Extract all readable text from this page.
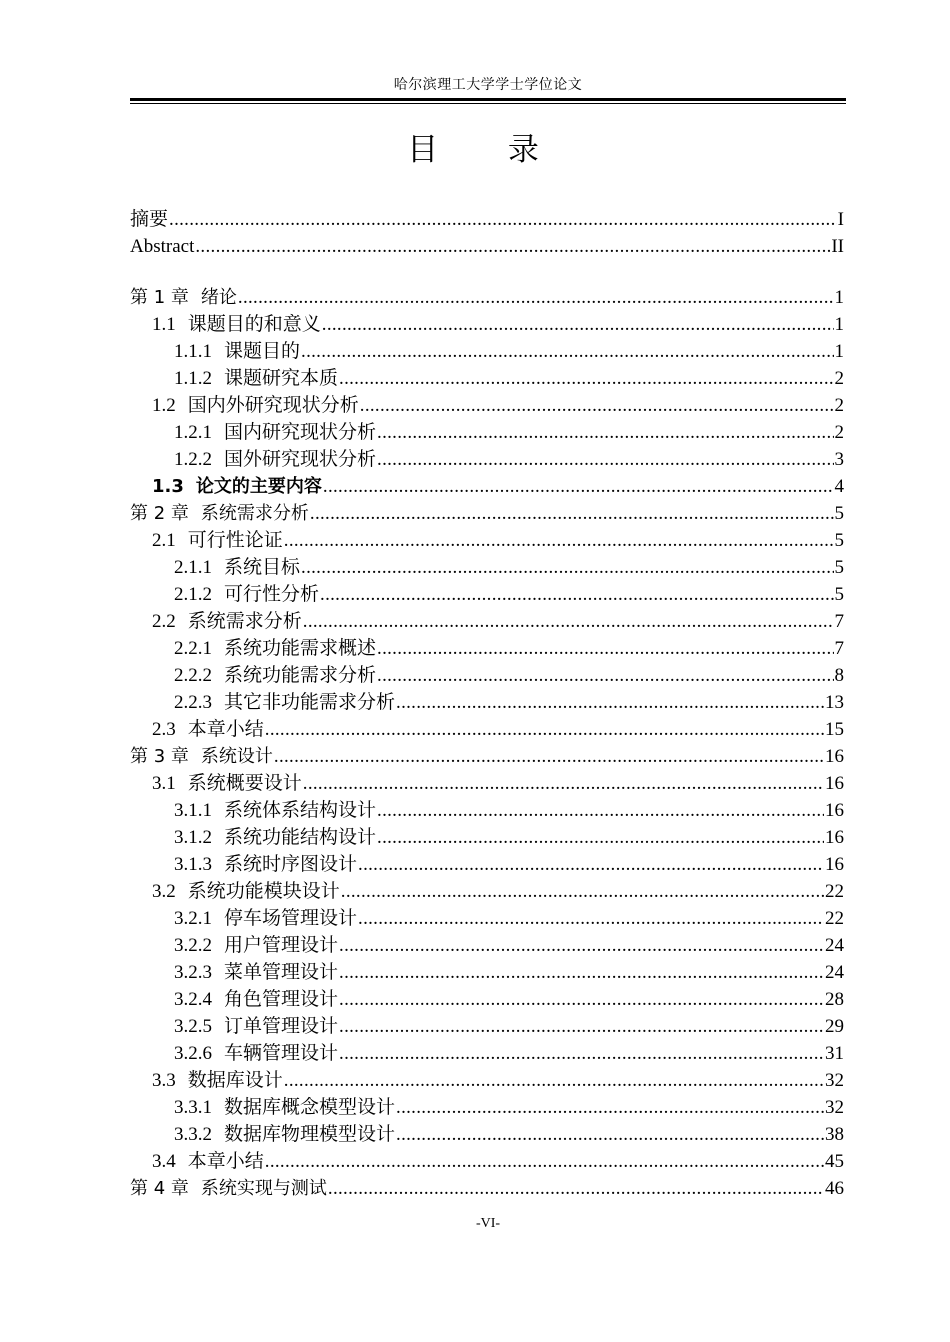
哈尔滨理工大学学士学位论文
目 录
摘要 .....	I
Abstract .....	II
第 1 章 绪论 .....	1
1.1 课题目的和意义 .....	1
1.1.1 课题目的 .....	1
1.1.2 课题研究本质 .....	2
1.2 国内外研究现状分析 .....	2
1.2.1 国内研究现状分析 .....	2
1.2.2 国外研究现状分析 .....	3
1.3 论文的主要内容 .....	4
第 2 章 系统需求分析 .....	5
2.1 可行性论证 .....	5
2.1.1 系统目标 .....	5
2.1.2 可行性分析 .....	5
2.2 系统需求分析 .....	7
2.2.1 系统功能需求概述 .....	7
2.2.2 系统功能需求分析 .....	8
2.2.3 其它非功能需求分析 .....	13
2.3 本章小结 .....	15
第 3 章 系统设计 .....	16
3.1 系统概要设计 .....	16
3.1.1 系统体系结构设计 .....	16
3.1.2 系统功能结构设计 .....	16
3.1.3 系统时序图设计 .....	16
3.2 系统功能模块设计 .....	22
3.2.1 停车场管理设计 .....	22
3.2.2 用户管理设计 .....	24
3.2.3 菜单管理设计 .....	24
3.2.4 角色管理设计 .....	28
3.2.5 订单管理设计 .....	29
3.2.6 车辆管理设计 .....	31
3.3 数据库设计 .....	32
3.3.1 数据库概念模型设计 .....	32
3.3.2 数据库物理模型设计 .....	38
3.4 本章小结 .....	45
第 4 章 系统实现与测试 .....	46
-VI-
